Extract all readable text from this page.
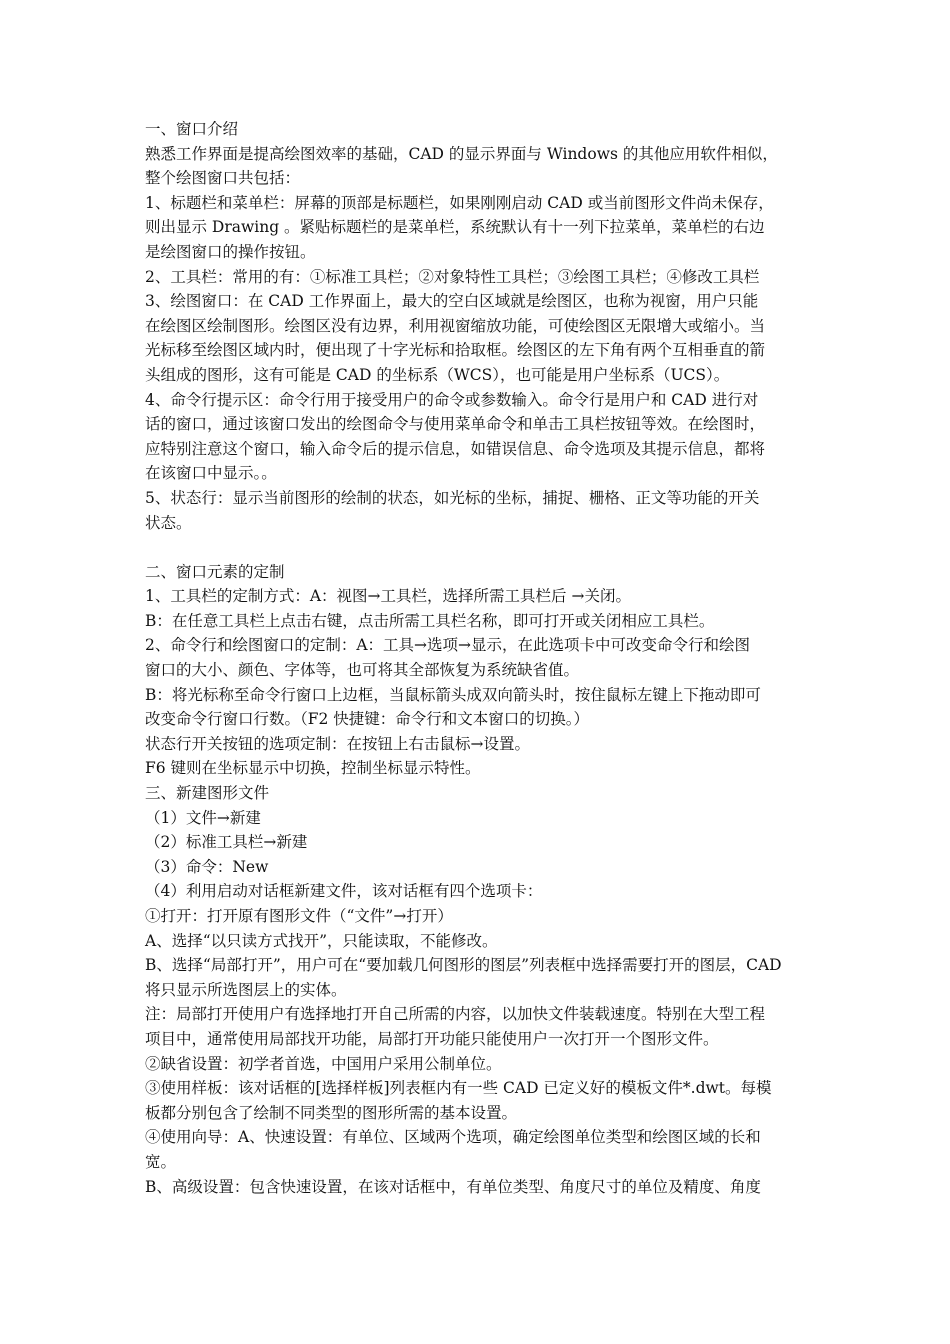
一、窗口介绍
熟悉工作界面是提高绘图效率的基础，CAD 的显示界面与 Windows 的其他应用软件相似，
整个绘图窗口共包括：
1、标题栏和菜单栏：屏幕的顶部是标题栏，如果刚刚启动 CAD 或当前图形文件尚未保存，
则出显示 Drawing 。紧贴标题栏的是菜单栏，系统默认有十一列下拉菜单，菜单栏的右边
是绘图窗口的操作按钮。
2、工具栏：常用的有：①标准工具栏；②对象特性工具栏；③绘图工具栏；④修改工具栏
3、绘图窗口：在 CAD 工作界面上，最大的空白区域就是绘图区，也称为视窗，用户只能
在绘图区绘制图形。绘图区没有边界，利用视窗缩放功能，可使绘图区无限增大或缩小。当
光标移至绘图区域内时，便出现了十字光标和拾取框。绘图区的左下角有两个互相垂直的箭
头组成的图形，这有可能是 CAD 的坐标系（WCS），也可能是用户坐标系（UCS）。
4、命令行提示区：命令行用于接受用户的命令或参数输入。命令行是用户和 CAD 进行对
话的窗口，通过该窗口发出的绘图命令与使用菜单命令和单击工具栏按钮等效。在绘图时，
应特别注意这个窗口，输入命令后的提示信息，如错误信息、命令选项及其提示信息，都将
在该窗口中显示。。
5、状态行：显示当前图形的绘制的状态，如光标的坐标，捕捉、栅格、正文等功能的开关
状态。
二、窗口元素的定制
1、工具栏的定制方式：A：视图→工具栏，选择所需工具栏后 →关闭。
B：在任意工具栏上点击右键，点击所需工具栏名称，即可打开或关闭相应工具栏。
2、命令行和绘图窗口的定制：A：工具→选项→显示，在此选项卡中可改变命令行和绘图
窗口的大小、颜色、字体等，也可将其全部恢复为系统缺省值。
B：将光标称至命令行窗口上边框，当鼠标箭头成双向箭头时，按住鼠标左键上下拖动即可
改变命令行窗口行数。（F2 快捷键：命令行和文本窗口的切换。）
状态行开关按钮的选项定制：在按钮上右击鼠标→设置。
F6 键则在坐标显示中切换，控制坐标显示特性。
三、新建图形文件
（1）文件→新建
（2）标准工具栏→新建
（3）命令：New
（4）利用启动对话框新建文件，该对话框有四个选项卡：
①打开：打开原有图形文件（“文件”→打开）
A、选择“以只读方式找开”，只能读取，不能修改。
B、选择“局部打开”，用户可在“要加载几何图形的图层”列表框中选择需要打开的图层，CAD
将只显示所选图层上的实体。
注：局部打开使用户有选择地打开自己所需的内容，以加快文件装载速度。特别在大型工程
项目中，通常使用局部找开功能，局部打开功能只能使用户一次打开一个图形文件。
②缺省设置：初学者首选，中国用户采用公制单位。
③使用样板：该对话框的[选择样板]列表框内有一些 CAD 已定义好的模板文件*.dwt。每模
板都分别包含了绘制不同类型的图形所需的基本设置。
④使用向导：A、快速设置：有单位、区域两个选项，确定绘图单位类型和绘图区域的长和
宽。
B、高级设置：包含快速设置，在该对话框中，有单位类型、角度尺寸的单位及精度、角度
